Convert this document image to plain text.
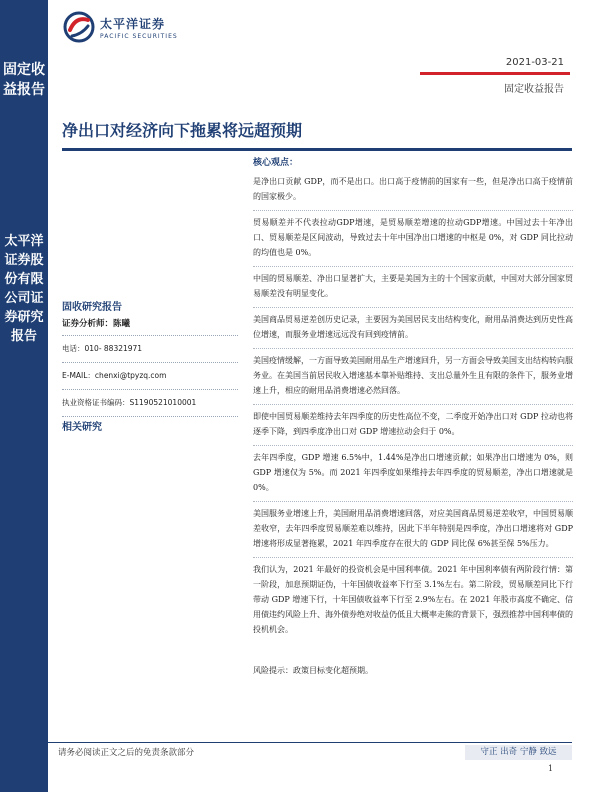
固定收益报告
太平洋证券股份有限公司证券研究报告
太平洋证券
PACIFIC SECURITIES
2021-03-21
固定收益报告
净出口对经济向下拖累将远超预期
固收研究报告
证券分析师：陈曦
电话：010- 88321971
E-MAIL：chenxi@tpyzq.com
执业资格证书编码：S1190521010001
相关研究
核心观点：

是净出口贡献 GDP，而不是出口。出口高于疫情前的国家有一些，但是净出口高于疫情前的国家极少。

贸易顺差并不代表拉动GDP增速，是贸易顺差增速的拉动GDP增速。中国过去十年净出口、贸易顺差是区间波动，导致过去十年中国净出口增速的中枢是 0%，对 GDP 同比拉动的均值也是 0%。

中国的贸易顺差、净出口显著扩大，主要是美国为主的十个国家贡献，中国对大部分国家贸易顺差没有明显变化。

美国商品贸易逆差创历史记录，主要因为美国居民支出结构变化，耐用品消费达到历史性高位增速，而服务业增速远远没有回到疫情前。

美国疫情缓解，一方面导致美国耐用品生产增速回升，另一方面会导致美国支出结构转向服务业。在美国当前居民收入增速基本靠补贴维持、支出总量外生且有限的条件下，服务业增速上升，相应的耐用品消费增速必然回落。

即使中国贸易顺差维持去年四季度的历史性高位不变，二季度开始净出口对 GDP 拉动也将逐季下降，到四季度净出口对 GDP 增速拉动会归于 0%。

去年四季度，GDP 增速 6.5%中，1.44%是净出口增速贡献；如果净出口增速为 0%，则 GDP 增速仅为 5%。而 2021 年四季度如果维持去年四季度的贸易顺差，净出口增速就是 0%。

美国服务业增速上升，美国耐用品消费增速回落，对应美国商品贸易逆差收窄，中国贸易顺差收窄，去年四季度贸易顺差难以维持，因此下半年特别是四季度，净出口增速将对 GDP 增速将形成显著拖累，2021 年四季度存在很大的 GDP 同比保 6%甚至保 5%压力。

我们认为，2021 年最好的投资机会是中国利率债。2021 年中国利率债有两阶段行情：第一阶段，加息预期证伪，十年国债收益率下行至 3.1%左右。第二阶段，贸易顺差同比下行带动 GDP 增速下行，十年国债收益率下行至 2.9%左右。在 2021 年股市高度不确定、信用债违约风险上升、海外债券绝对收益仍低且大概率走熊的背景下，强烈推荐中国利率债的投机机会。

风险提示：政策目标变化超预期。
请务必阅读正文之后的免责条款部分	守正 出奇 宁静 致远
1
